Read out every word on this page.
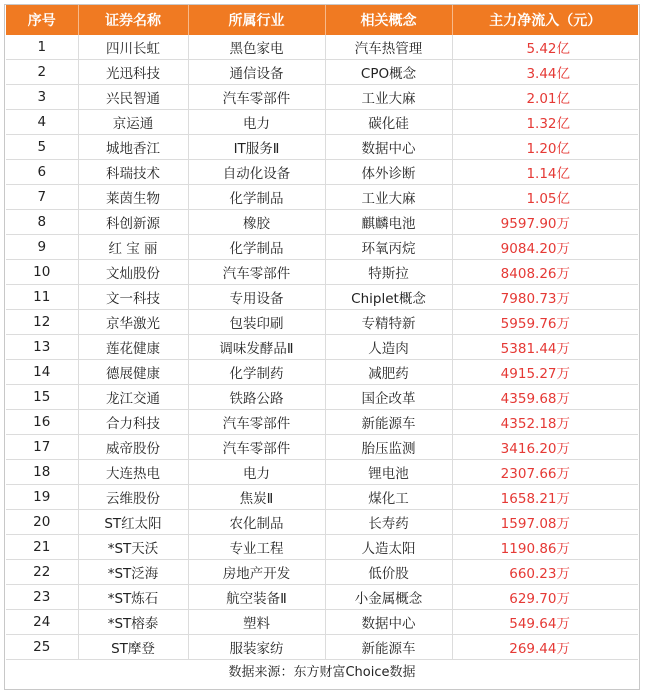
序号	证券名称	所属行业	相关概念	主力净流入（元）
1	四川长虹	黑色家电	汽车热管理	5.42亿
2	光迅科技	通信设备	CPO概念	3.44亿
3	兴民智通	汽车零部件	工业大麻	2.01亿
4	京运通	电力	碳化硅	1.32亿
5	城地香江	IT服务Ⅱ	数据中心	1.20亿
6	科瑞技术	自动化设备	体外诊断	1.14亿
7	莱茵生物	化学制品	工业大麻	1.05亿
8	科创新源	橡胶	麒麟电池	9597.90万
9	红 宝 丽	化学制品	环氧丙烷	9084.20万
10	文灿股份	汽车零部件	特斯拉	8408.26万
11	文一科技	专用设备	Chiplet概念	7980.73万
12	京华激光	包装印刷	专精特新	5959.76万
13	莲花健康	调味发酵品Ⅱ	人造肉	5381.44万
14	德展健康	化学制药	减肥药	4915.27万
15	龙江交通	铁路公路	国企改革	4359.68万
16	合力科技	汽车零部件	新能源车	4352.18万
17	威帝股份	汽车零部件	胎压监测	3416.20万
18	大连热电	电力	锂电池	2307.66万
19	云维股份	焦炭Ⅱ	煤化工	1658.21万
20	ST红太阳	农化制品	长寿药	1597.08万
21	*ST天沃	专业工程	人造太阳	1190.86万
22	*ST泛海	房地产开发	低价股	660.23万
23	*ST炼石	航空装备Ⅱ	小金属概念	629.70万
24	*ST榕泰	塑料	数据中心	549.64万
25	ST摩登	服装家纺	新能源车	269.44万
数据来源：东方财富Choice数据
